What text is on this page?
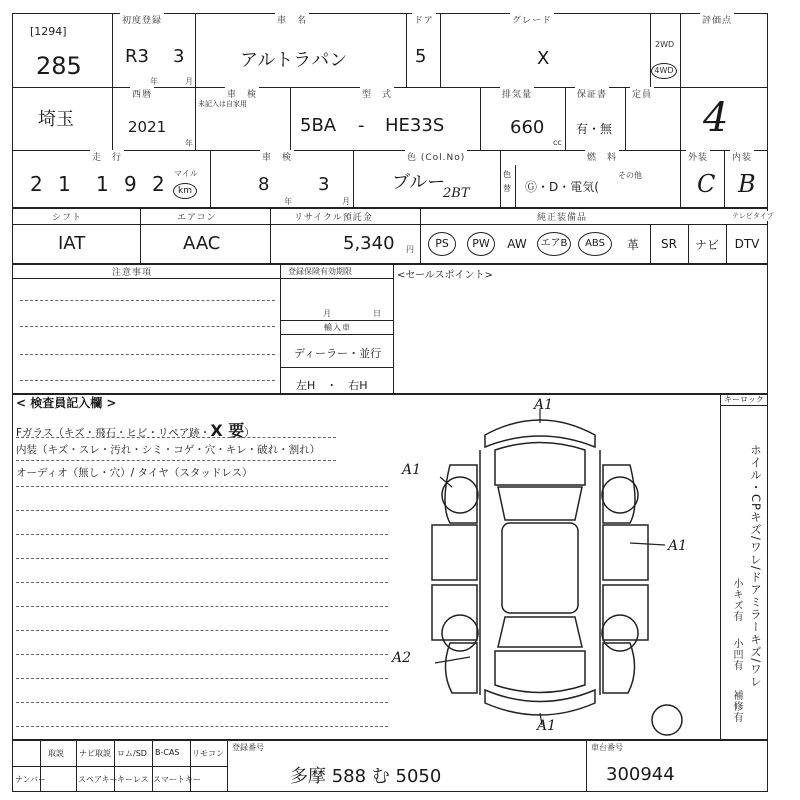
[1294]
285
初度登録
R3 3
年	月
車　名
アルトラパン
ドア
5
グレード
X
2WD
4WD
評価点
4
埼玉
西暦
2021
年
車　検
未記入は自家用
型　式
5BA - HE33S
排気量
660
cc
保証書
有・無
定員
走　行
2 1 1 9 2 マイル
km
車　検
8
年
3
月
色 (Col.No)
ブルー
2BT
色替
燃　料
Ⓖ・D・電気(
その他
外装
C
内装
B
シフト
IAT
エアコン
AAC
リサイクル預託金
5,340 円
純正装備品	テレビタイプ
PS	PW	AW	エアB	ABS	革	SR	ナビ	DTV
注意事項	登録保険有効期限
月	日
輸入車
ディーラー・並行
左H　・　右H
<セールスポイント>
< 検査員記入欄 >
Fガラス（キズ・飛石・ヒビ・リペア跡・X 要）
内装（キズ・スレ・汚れ・シミ・コゲ・穴・キレ・破れ・割れ）
オーディオ（無し・穴）/ タイヤ（スタッドレス）
キーロック
ホイル・CPキズ/ワレ/ドアミラーキズ/ワレ
小キズ有
小凹有
補修有
A1
A1
A1
A2
A1
取説 ナビ取説 ロム/SD B-CAS リモコン
ナンバー	スペアキー キーレス スマートキー
登録番号
多摩 588 む 5050
車台番号
300944
